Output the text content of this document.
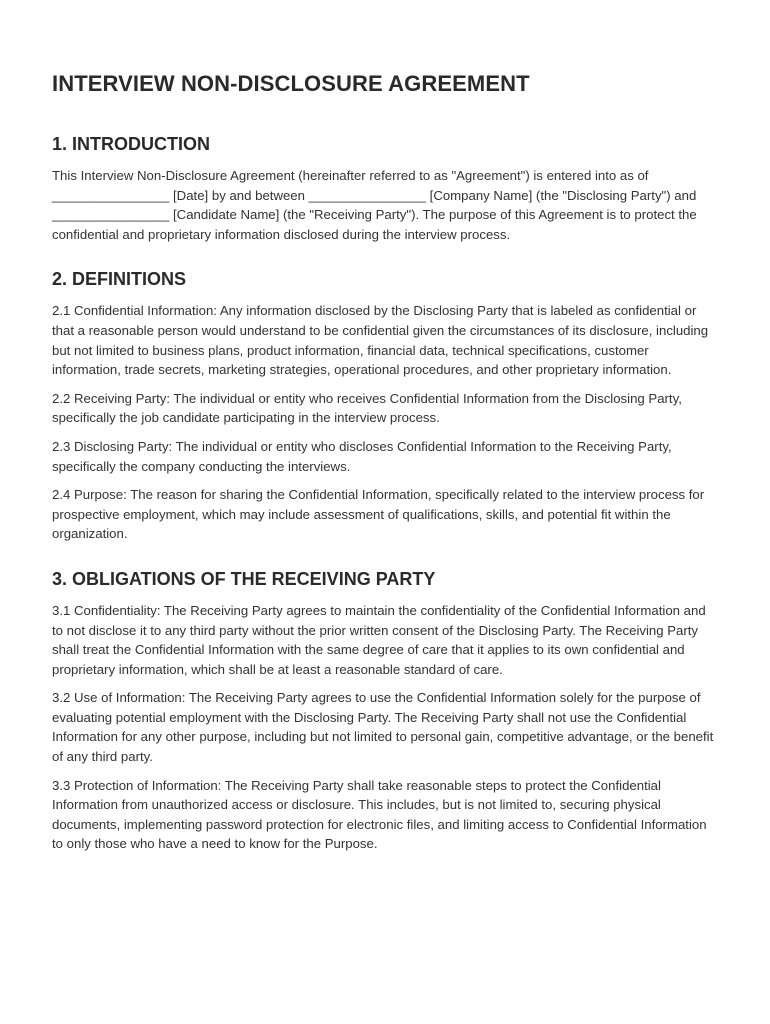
INTERVIEW NON-DISCLOSURE AGREEMENT
1. INTRODUCTION

This Interview Non-Disclosure Agreement (hereinafter referred to as "Agreement") is entered into as of ________________ [Date] by and between ________________ [Company Name] (the "Disclosing Party") and ________________ [Candidate Name] (the "Receiving Party"). The purpose of this Agreement is to protect the confidential and proprietary information disclosed during the interview process.

2. DEFINITIONS

2.1 Confidential Information: Any information disclosed by the Disclosing Party that is labeled as confidential or that a reasonable person would understand to be confidential given the circumstances of its disclosure, including but not limited to business plans, product information, financial data, technical specifications, customer information, trade secrets, marketing strategies, operational procedures, and other proprietary information.

2.2 Receiving Party: The individual or entity who receives Confidential Information from the Disclosing Party, specifically the job candidate participating in the interview process.

2.3 Disclosing Party: The individual or entity who discloses Confidential Information to the Receiving Party, specifically the company conducting the interviews.

2.4 Purpose: The reason for sharing the Confidential Information, specifically related to the interview process for prospective employment, which may include assessment of qualifications, skills, and potential fit within the organization.

3. OBLIGATIONS OF THE RECEIVING PARTY

3.1 Confidentiality: The Receiving Party agrees to maintain the confidentiality of the Confidential Information and to not disclose it to any third party without the prior written consent of the Disclosing Party. The Receiving Party shall treat the Confidential Information with the same degree of care that it applies to its own confidential and proprietary information, which shall be at least a reasonable standard of care.

3.2 Use of Information: The Receiving Party agrees to use the Confidential Information solely for the purpose of evaluating potential employment with the Disclosing Party. The Receiving Party shall not use the Confidential Information for any other purpose, including but not limited to personal gain, competitive advantage, or the benefit of any third party.

3.3 Protection of Information: The Receiving Party shall take reasonable steps to protect the Confidential Information from unauthorized access or disclosure. This includes, but is not limited to, securing physical documents, implementing password protection for electronic files, and limiting access to Confidential Information to only those who have a need to know for the Purpose.
